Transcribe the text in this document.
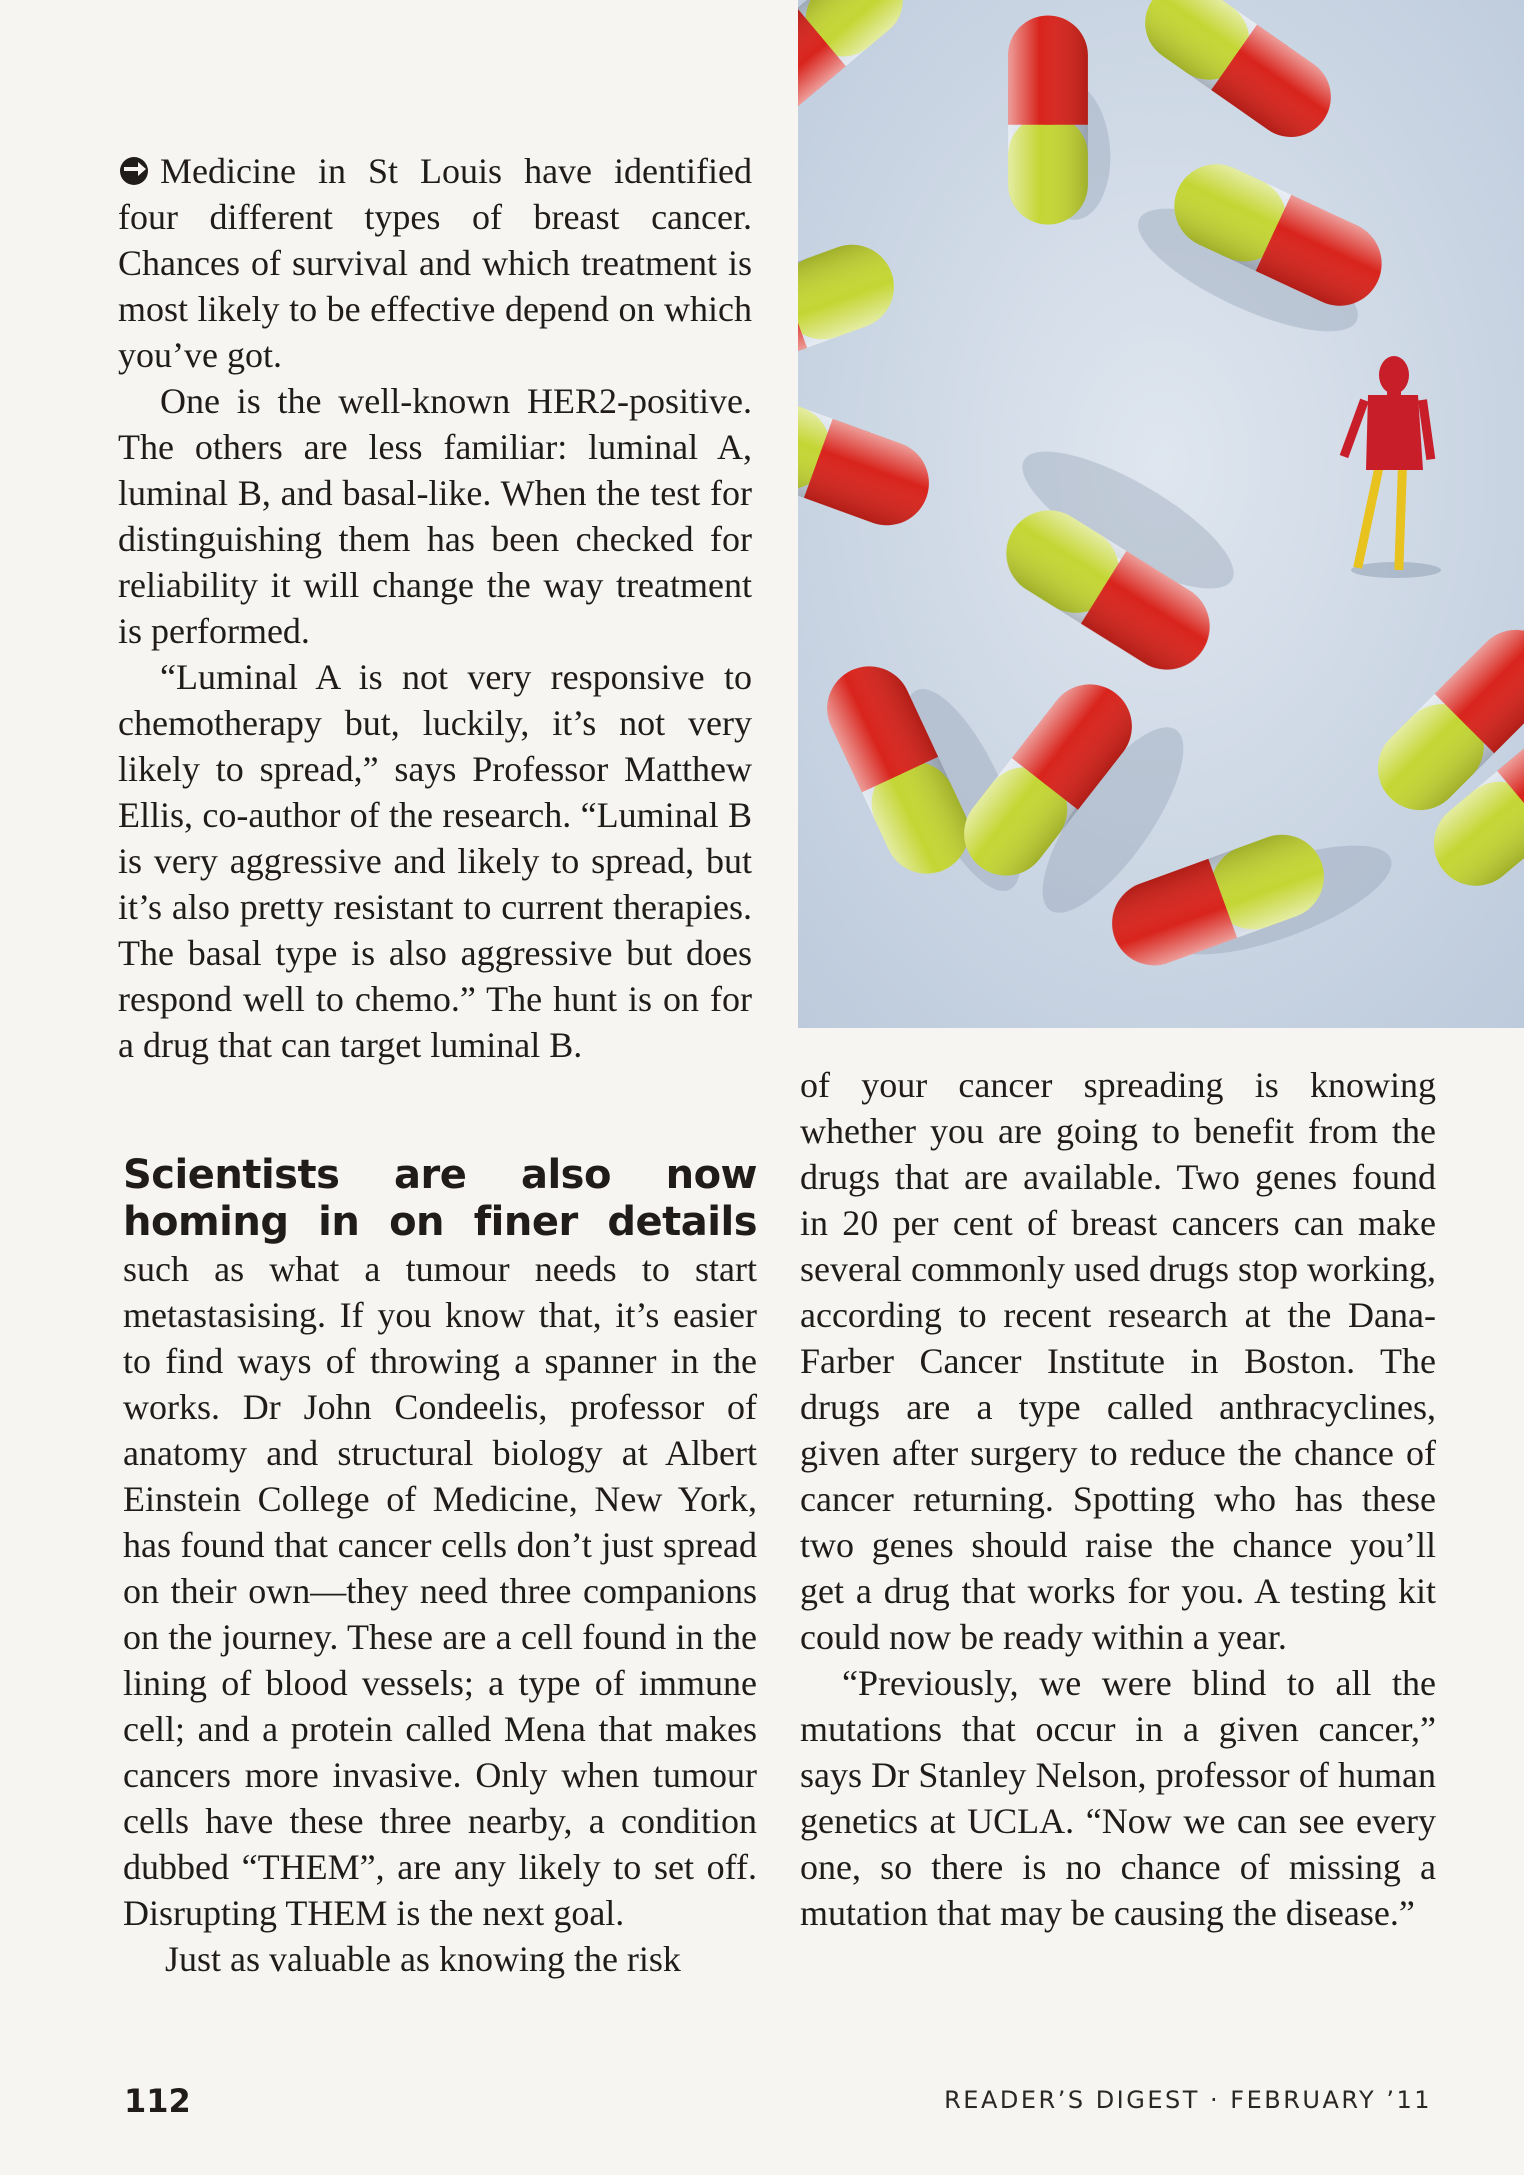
Medicine in St Louis have identified four different types of breast cancer. Chances of survival and which treatment is most likely to be effective depend on which you’ve got.

One is the well-known HER2-positive. The others are less familiar: luminal A, luminal B, and basal-like. When the test for distinguishing them has been checked for reliability it will change the way treatment is performed.

“Luminal A is not very responsive to chemotherapy but, luckily, it’s not very likely to spread,” says Professor Matthew Ellis, co-author of the research. “Luminal B is very aggressive and likely to spread, but it’s also pretty resistant to current therapies. The basal type is also aggressive but does respond well to chemo.” The hunt is on for a drug that can target luminal B.

Scientists are also now homing in on finer details such as what a tumour needs to start metastasising. If you know that, it’s easier to find ways of throwing a spanner in the works. Dr John Condeelis, professor of anatomy and structural biology at Albert Einstein College of Medicine, New York, has found that cancer cells don’t just spread on their own—they need three companions on the journey. These are a cell found in the lining of blood vessels; a type of immune cell; and a protein called Mena that makes cancers more invasive. Only when tumour cells have these three nearby, a condition dubbed “THEM”, are any likely to set off. Disrupting THEM is the next goal.

Just as valuable as knowing the risk

of your cancer spreading is knowing whether you are going to benefit from the drugs that are available. Two genes found in 20 per cent of breast cancers can make several commonly used drugs stop working, according to recent research at the Dana-Farber Cancer Institute in Boston. The drugs are a type called anthracyclines, given after surgery to reduce the chance of cancer returning. Spotting who has these two genes should raise the chance you’ll get a drug that works for you. A testing kit could now be ready within a year.

“Previously, we were blind to all the mutations that occur in a given cancer,” says Dr Stanley Nelson, professor of human genetics at UCLA. “Now we can see every one, so there is no chance of missing a mutation that may be causing the disease.”

112	READER’S DIGEST · FEBRUARY ’11
